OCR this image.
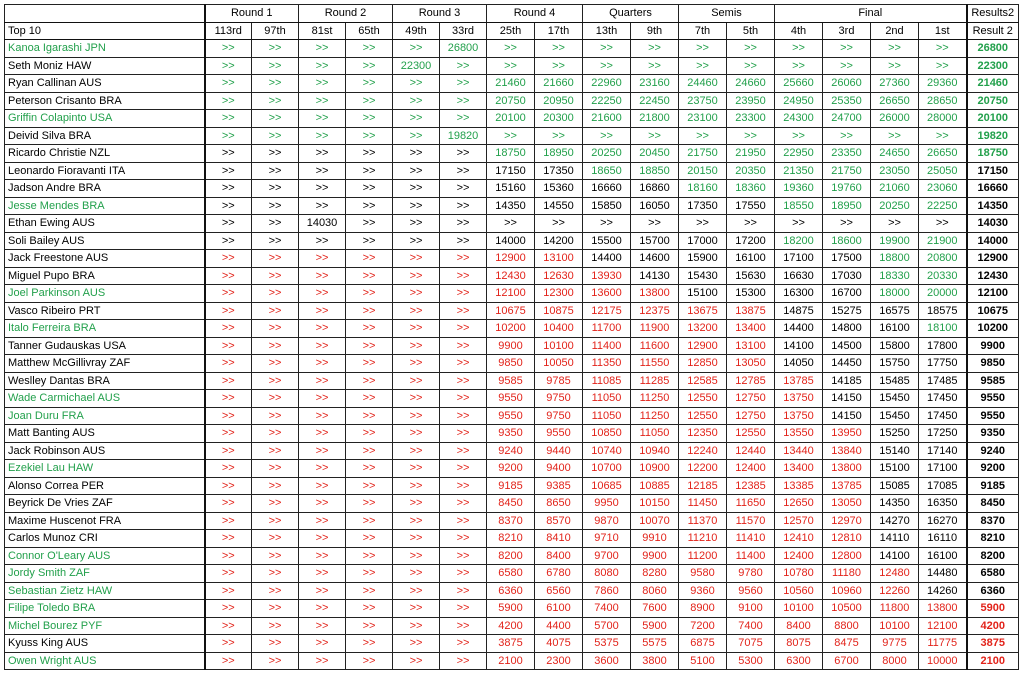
	Round 1		Round 2		Round 3		Round 4		Quarters		Semis		Final				Results2
Top 10	113rd	97th	81st	65th	49th	33rd	25th	17th	13th	9th	7th	5th	4th	3rd	2nd	1st	Result 2
Kanoa Igarashi JPN	>>	>>	>>	>>	>>	26800	>>	>>	>>	>>	>>	>>	>>	>>	>>	>>	26800
Seth Moniz HAW	>>	>>	>>	>>	22300	>>	>>	>>	>>	>>	>>	>>	>>	>>	>>	>>	22300
Ryan Callinan AUS	>>	>>	>>	>>	>>	>>	21460	21660	22960	23160	24460	24660	25660	26060	27360	29360	21460
Peterson Crisanto BRA	>>	>>	>>	>>	>>	>>	20750	20950	22250	22450	23750	23950	24950	25350	26650	28650	20750
Griffin Colapinto USA	>>	>>	>>	>>	>>	>>	20100	20300	21600	21800	23100	23300	24300	24700	26000	28000	20100
Deivid Silva BRA	>>	>>	>>	>>	>>	19820	>>	>>	>>	>>	>>	>>	>>	>>	>>	>>	19820
Ricardo Christie NZL	>>	>>	>>	>>	>>	>>	18750	18950	20250	20450	21750	21950	22950	23350	24650	26650	18750
Leonardo Fioravanti ITA	>>	>>	>>	>>	>>	>>	17150	17350	18650	18850	20150	20350	21350	21750	23050	25050	17150
Jadson Andre BRA	>>	>>	>>	>>	>>	>>	15160	15360	16660	16860	18160	18360	19360	19760	21060	23060	16660
Jesse Mendes BRA	>>	>>	>>	>>	>>	>>	14350	14550	15850	16050	17350	17550	18550	18950	20250	22250	14350
Ethan Ewing AUS	>>	>>	14030	>>	>>	>>	>>	>>	>>	>>	>>	>>	>>	>>	>>	>>	14030
Soli Bailey AUS	>>	>>	>>	>>	>>	>>	14000	14200	15500	15700	17000	17200	18200	18600	19900	21900	14000
Jack Freestone AUS	>>	>>	>>	>>	>>	>>	12900	13100	14400	14600	15900	16100	17100	17500	18800	20800	12900
Miguel Pupo BRA	>>	>>	>>	>>	>>	>>	12430	12630	13930	14130	15430	15630	16630	17030	18330	20330	12430
Joel Parkinson AUS	>>	>>	>>	>>	>>	>>	12100	12300	13600	13800	15100	15300	16300	16700	18000	20000	12100
Vasco Ribeiro PRT	>>	>>	>>	>>	>>	>>	10675	10875	12175	12375	13675	13875	14875	15275	16575	18575	10675
Italo Ferreira BRA	>>	>>	>>	>>	>>	>>	10200	10400	11700	11900	13200	13400	14400	14800	16100	18100	10200
Tanner Gudauskas USA	>>	>>	>>	>>	>>	>>	9900	10100	11400	11600	12900	13100	14100	14500	15800	17800	9900
Matthew McGillivray ZAF	>>	>>	>>	>>	>>	>>	9850	10050	11350	11550	12850	13050	14050	14450	15750	17750	9850
Weslley Dantas BRA	>>	>>	>>	>>	>>	>>	9585	9785	11085	11285	12585	12785	13785	14185	15485	17485	9585
Wade Carmichael AUS	>>	>>	>>	>>	>>	>>	9550	9750	11050	11250	12550	12750	13750	14150	15450	17450	9550
Joan Duru FRA	>>	>>	>>	>>	>>	>>	9550	9750	11050	11250	12550	12750	13750	14150	15450	17450	9550
Matt Banting AUS	>>	>>	>>	>>	>>	>>	9350	9550	10850	11050	12350	12550	13550	13950	15250	17250	9350
Jack Robinson AUS	>>	>>	>>	>>	>>	>>	9240	9440	10740	10940	12240	12440	13440	13840	15140	17140	9240
Ezekiel Lau HAW	>>	>>	>>	>>	>>	>>	9200	9400	10700	10900	12200	12400	13400	13800	15100	17100	9200
Alonso Correa PER	>>	>>	>>	>>	>>	>>	9185	9385	10685	10885	12185	12385	13385	13785	15085	17085	9185
Beyrick De Vries ZAF	>>	>>	>>	>>	>>	>>	8450	8650	9950	10150	11450	11650	12650	13050	14350	16350	8450
Maxime Huscenot FRA	>>	>>	>>	>>	>>	>>	8370	8570	9870	10070	11370	11570	12570	12970	14270	16270	8370
Carlos Munoz CRI	>>	>>	>>	>>	>>	>>	8210	8410	9710	9910	11210	11410	12410	12810	14110	16110	8210
Connor O'Leary AUS	>>	>>	>>	>>	>>	>>	8200	8400	9700	9900	11200	11400	12400	12800	14100	16100	8200
Jordy Smith ZAF	>>	>>	>>	>>	>>	>>	6580	6780	8080	8280	9580	9780	10780	11180	12480	14480	6580
Sebastian Zietz HAW	>>	>>	>>	>>	>>	>>	6360	6560	7860	8060	9360	9560	10560	10960	12260	14260	6360
Filipe Toledo BRA	>>	>>	>>	>>	>>	>>	5900	6100	7400	7600	8900	9100	10100	10500	11800	13800	5900
Michel Bourez PYF	>>	>>	>>	>>	>>	>>	4200	4400	5700	5900	7200	7400	8400	8800	10100	12100	4200
Kyuss King AUS	>>	>>	>>	>>	>>	>>	3875	4075	5375	5575	6875	7075	8075	8475	9775	11775	3875
Owen Wright AUS	>>	>>	>>	>>	>>	>>	2100	2300	3600	3800	5100	5300	6300	6700	8000	10000	2100
